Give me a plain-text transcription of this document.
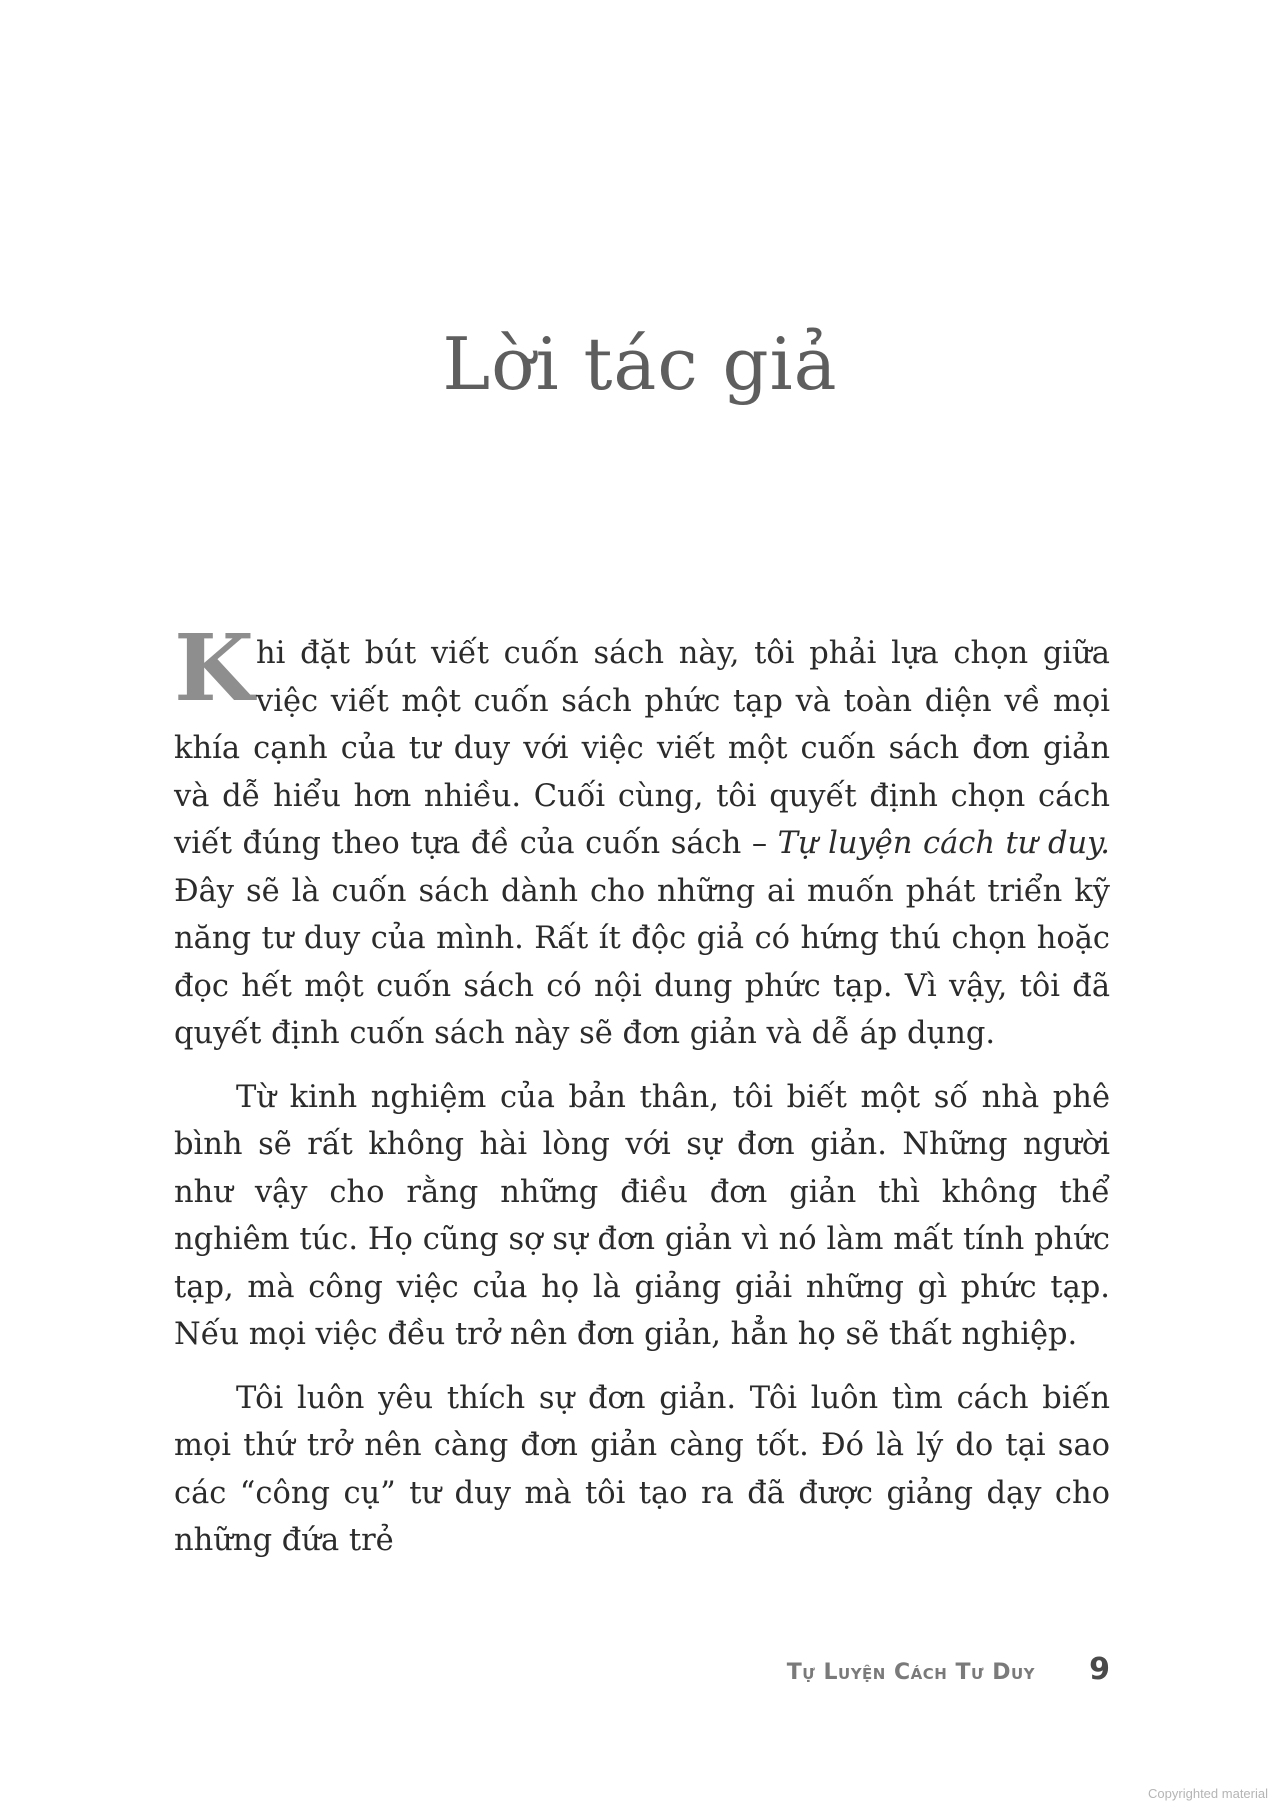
Lời tác giả

Khi đặt bút viết cuốn sách này, tôi phải lựa chọn giữa việc viết một cuốn sách phức tạp và toàn diện về mọi khía cạnh của tư duy với việc viết một cuốn sách đơn giản và dễ hiểu hơn nhiều. Cuối cùng, tôi quyết định chọn cách viết đúng theo tựa đề của cuốn sách – Tự luyện cách tư duy. Đây sẽ là cuốn sách dành cho những ai muốn phát triển kỹ năng tư duy của mình. Rất ít độc giả có hứng thú chọn hoặc đọc hết một cuốn sách có nội dung phức tạp. Vì vậy, tôi đã quyết định cuốn sách này sẽ đơn giản và dễ áp dụng.

Từ kinh nghiệm của bản thân, tôi biết một số nhà phê bình sẽ rất không hài lòng với sự đơn giản. Những người như vậy cho rằng những điều đơn giản thì không thể nghiêm túc. Họ cũng sợ sự đơn giản vì nó làm mất tính phức tạp, mà công việc của họ là giảng giải những gì phức tạp. Nếu mọi việc đều trở nên đơn giản, hẳn họ sẽ thất nghiệp.

Tôi luôn yêu thích sự đơn giản. Tôi luôn tìm cách biến mọi thứ trở nên càng đơn giản càng tốt. Đó là lý do tại sao các “công cụ” tư duy mà tôi tạo ra đã được giảng dạy cho những đứa trẻ

Tự Luyện Cách Tư Duy 9
Copyrighted material
